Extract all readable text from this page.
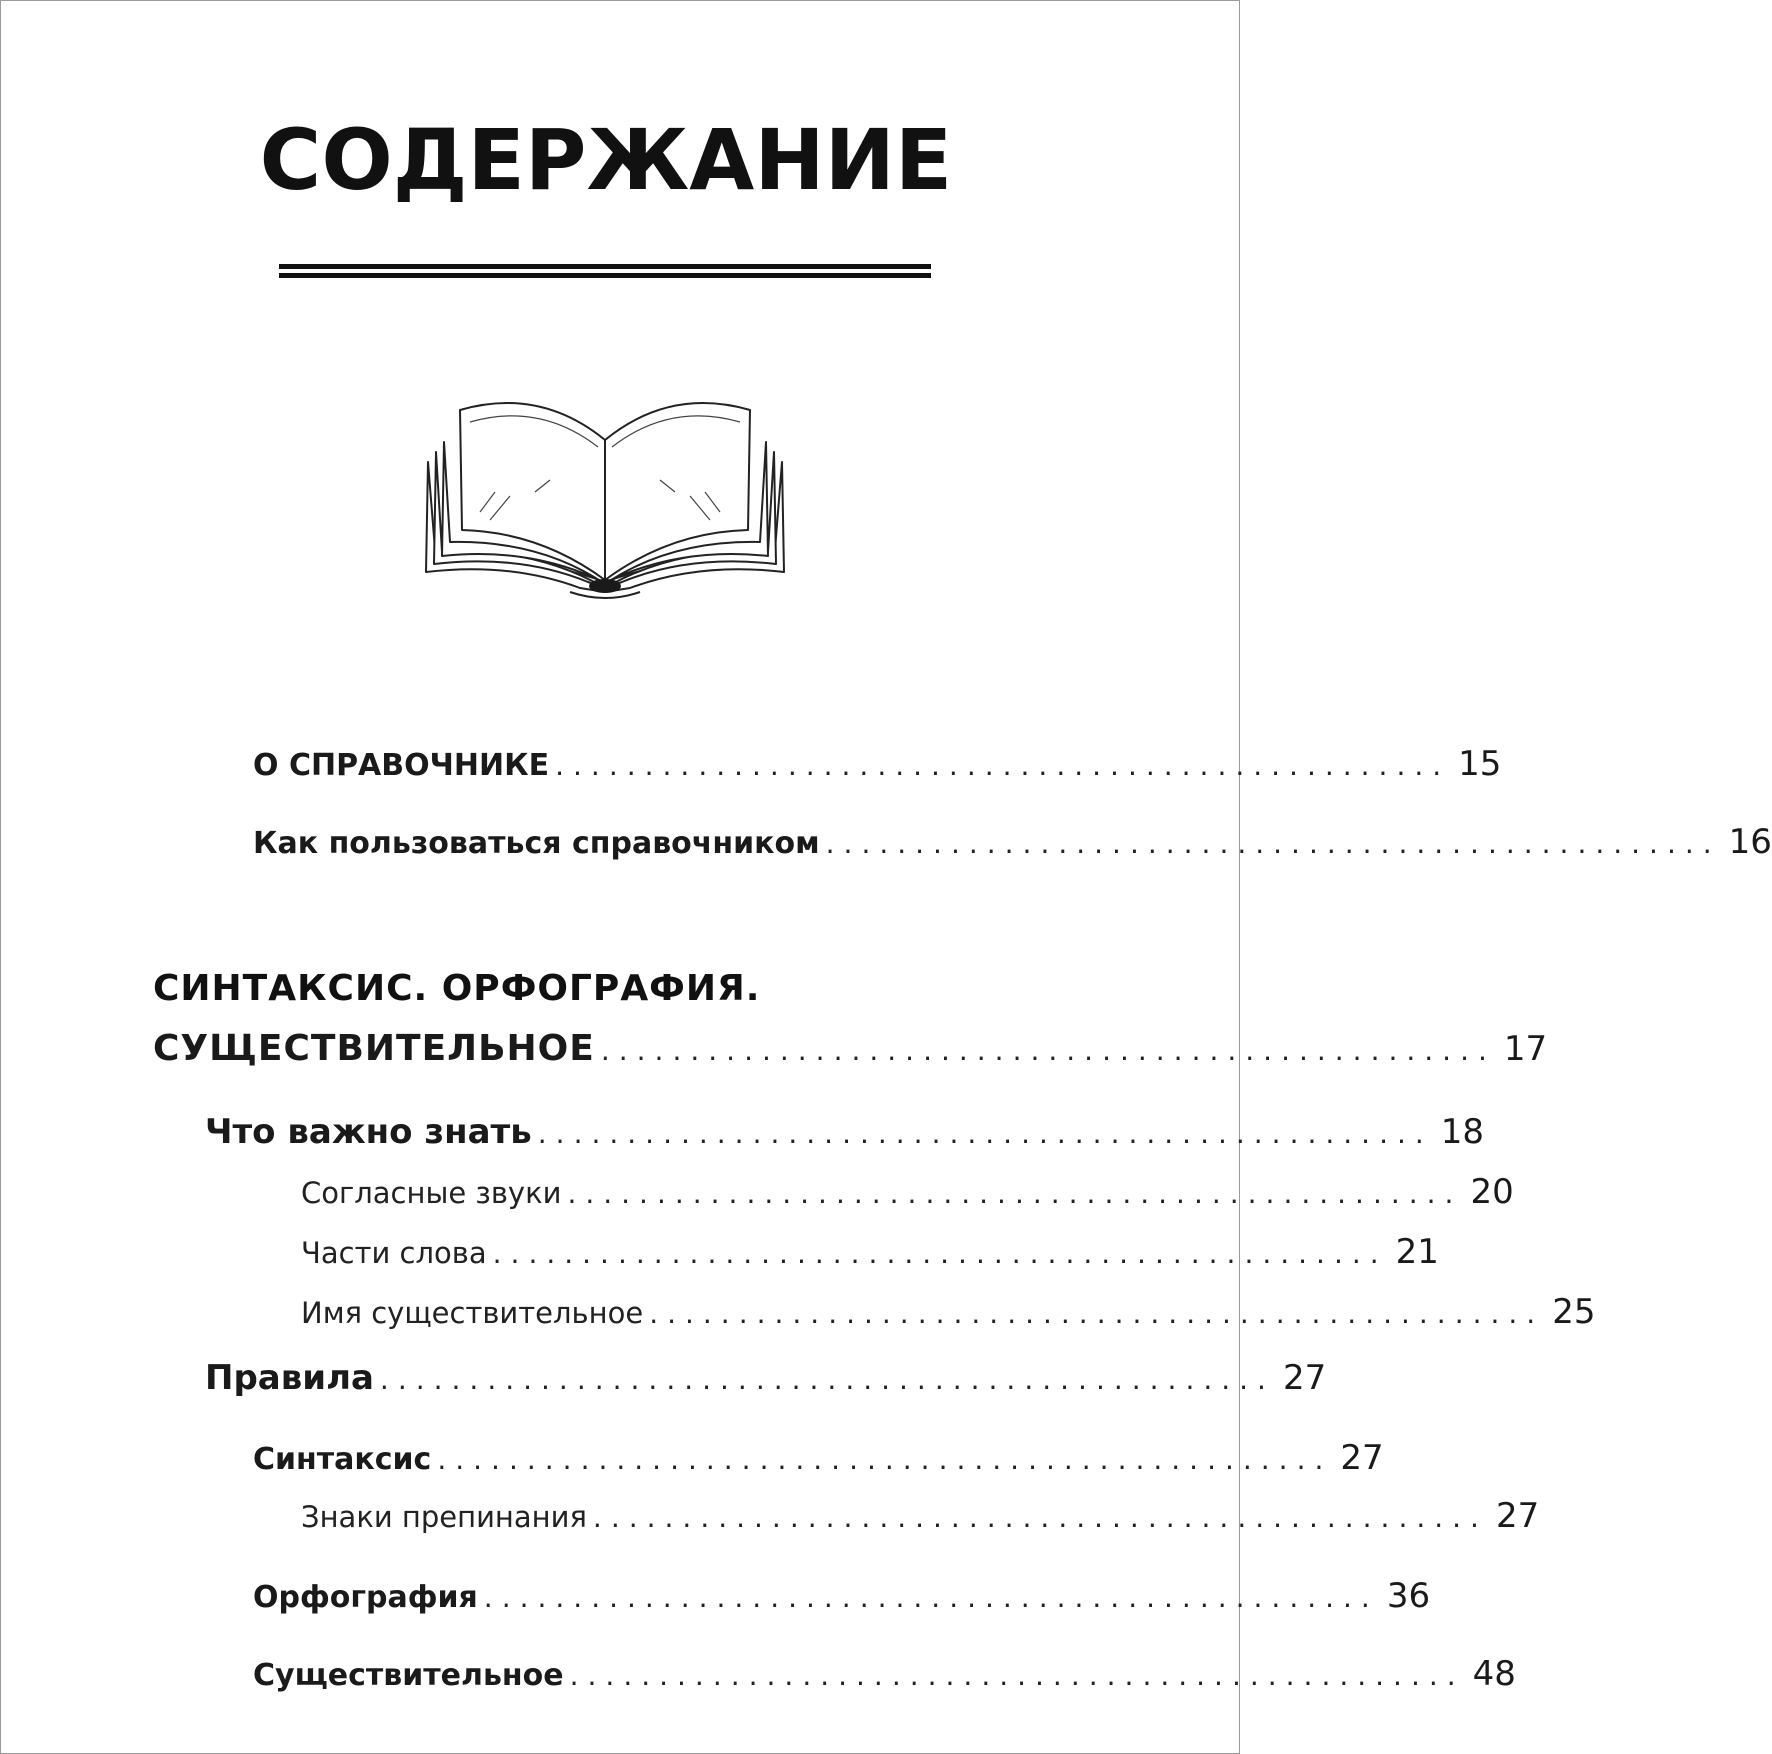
СОДЕРЖАНИЕ
О СПРАВОЧНИКЕ .................................................. 15
Как пользоваться справочником .................................................. 16
СИНТАКСИС. ОРФОГРАФИЯ.
СУЩЕСТВИТЕЛЬНОЕ .................................................. 17
Что важно знать .................................................. 18
Согласные звуки .................................................. 20
Части слова .................................................. 21
Имя существительное .................................................. 25
Правила .................................................. 27
Синтаксис .................................................. 27
Знаки препинания .................................................. 27
Орфография .................................................. 36
Существительное .................................................. 48
